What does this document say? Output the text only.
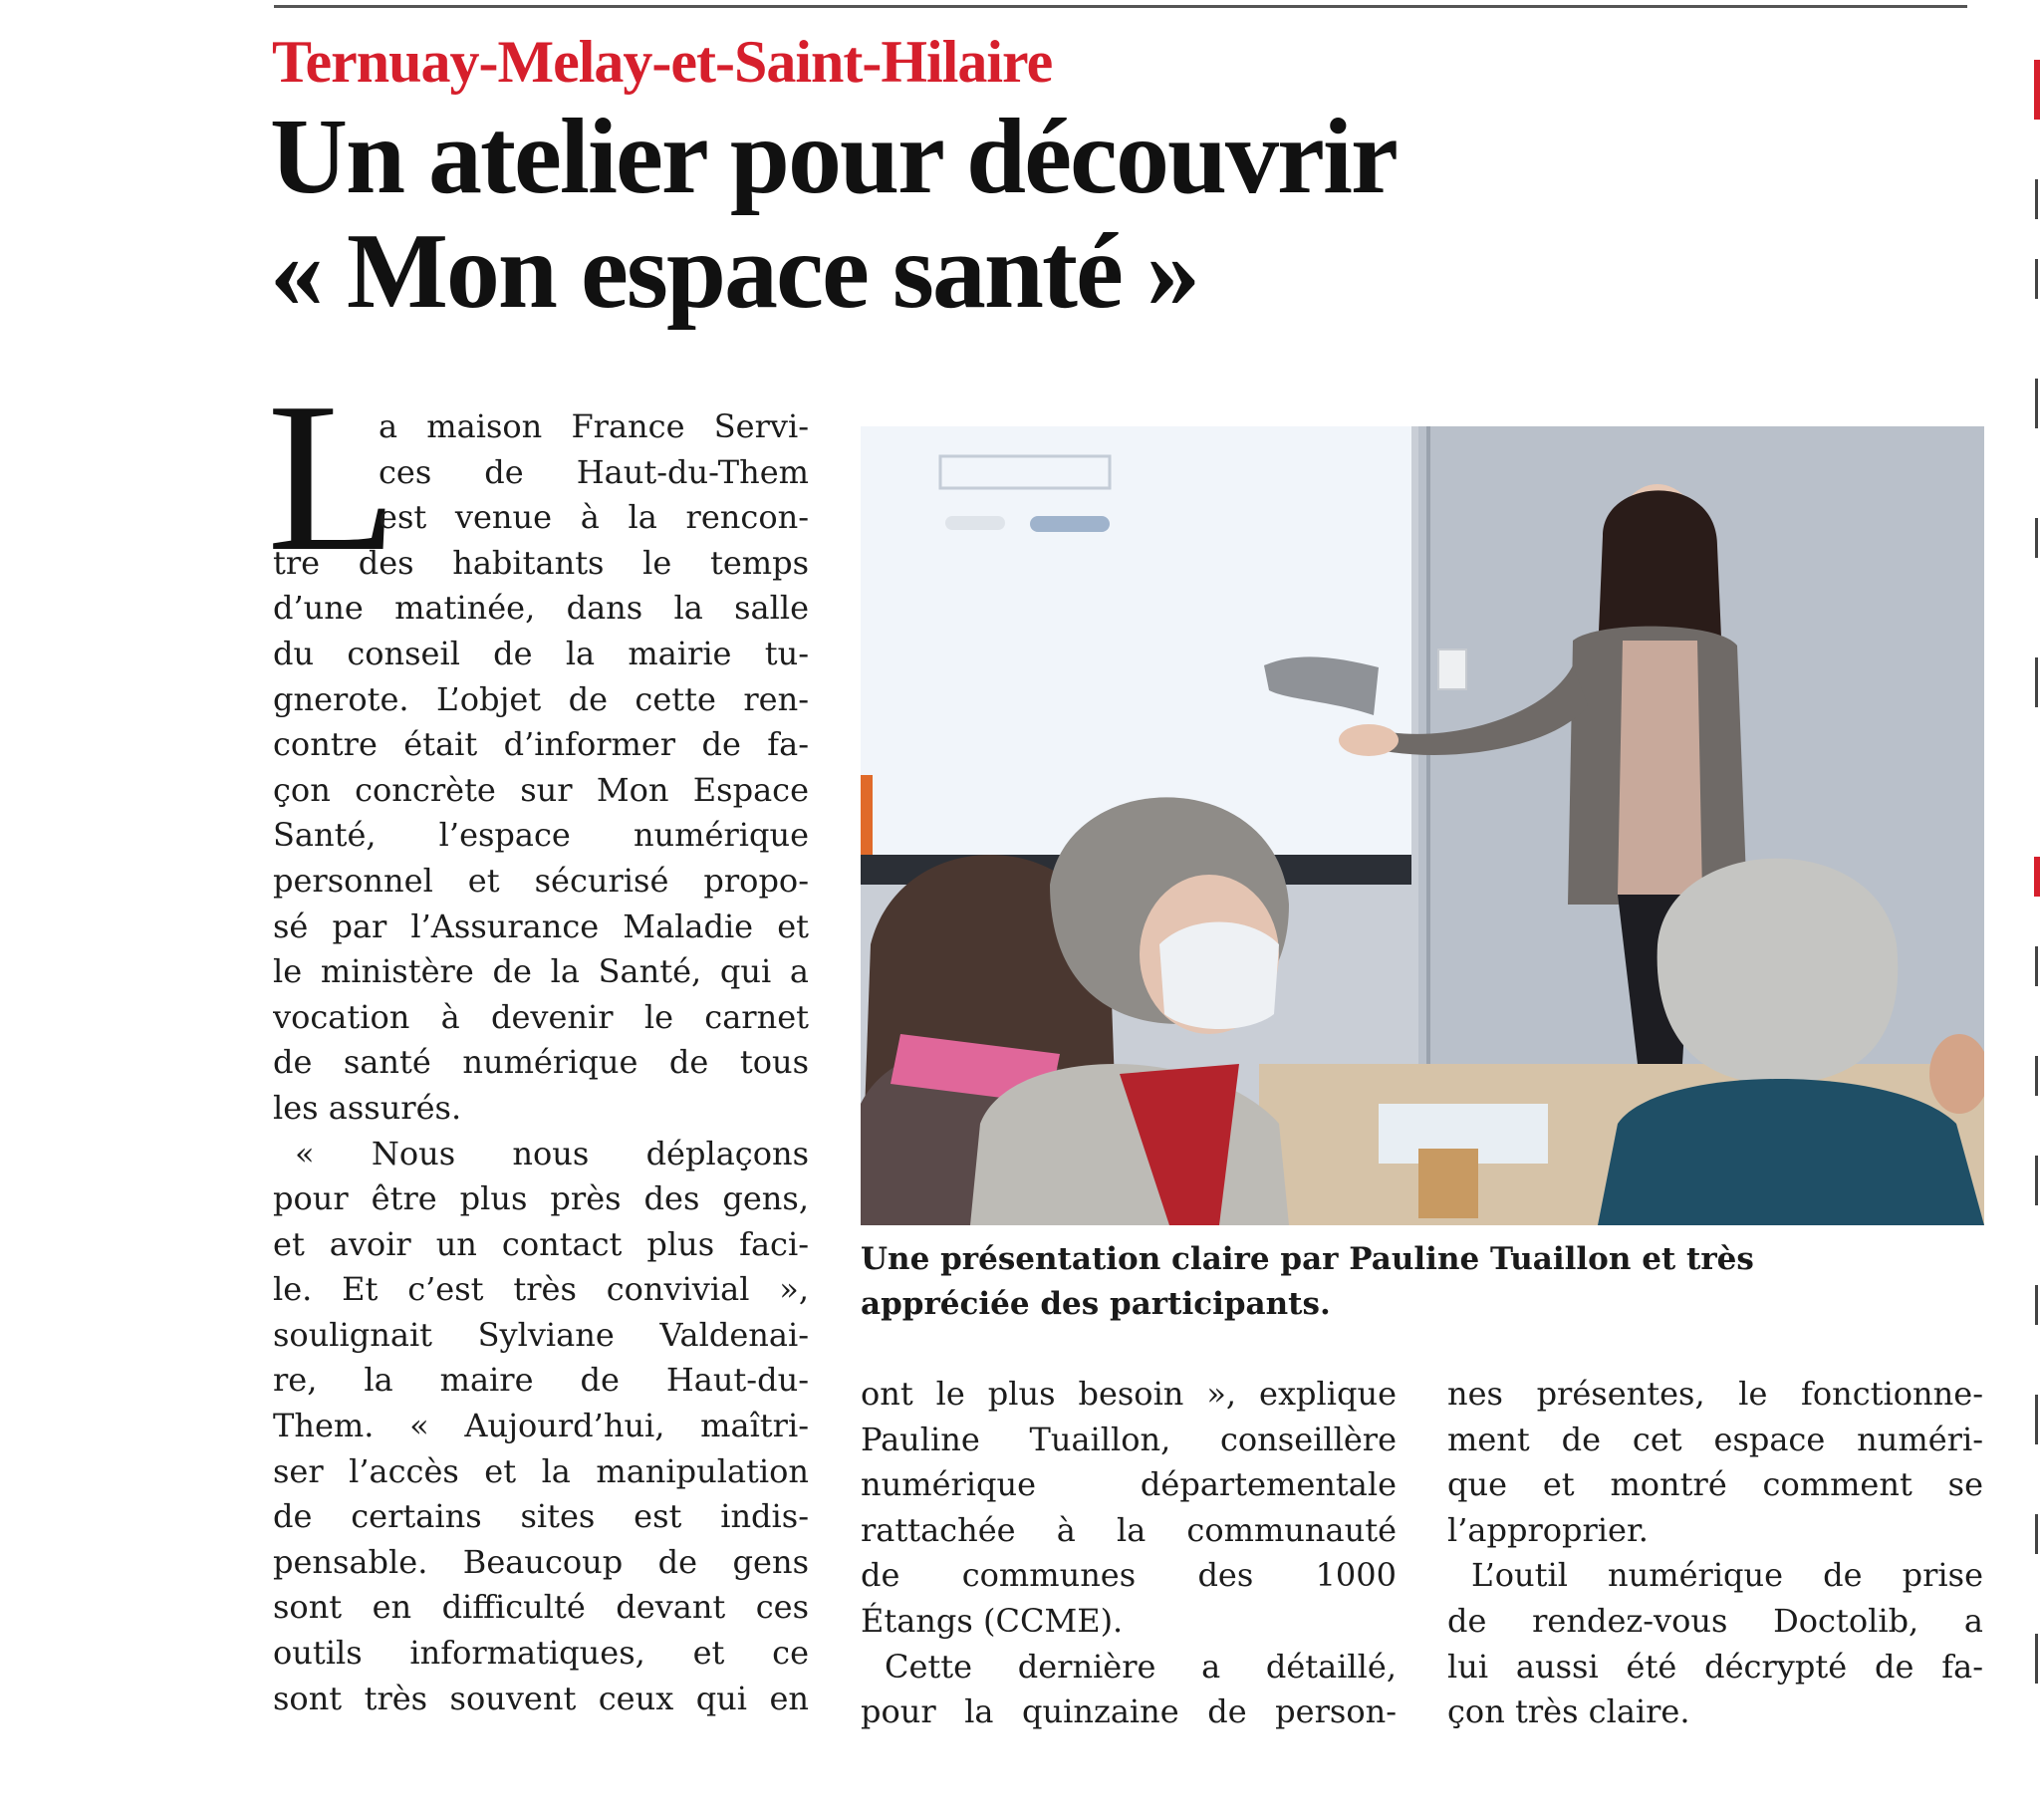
Ternuay-Melay-et-Saint-Hilaire
Un atelier pour découvrir
« Mon espace santé »
L
a maison France Servi-
ces de Haut-du-Them
est venue à la rencon-
tre des habitants le temps
d’une matinée, dans la salle
du conseil de la mairie tu-
gnerote. L’objet de cette ren-
contre était d’informer de fa-
çon concrète sur Mon Espace
Santé, l’espace numérique
personnel et sécurisé propo-
sé par l’Assurance Maladie et
le ministère de la Santé, qui a
vocation à devenir le carnet
de santé numérique de tous
les assurés.
« Nous nous déplaçons
pour être plus près des gens,
et avoir un contact plus faci-
le. Et c’est très convivial »,
soulignait Sylviane Valdenai-
re, la maire de Haut-du-
Them. « Aujourd’hui, maîtri-
ser l’accès et la manipulation
de certains sites est indis-
pensable. Beaucoup de gens
sont en difficulté devant ces
outils informatiques, et ce
sont très souvent ceux qui en
Une présentation claire par Pauline Tuaillon et très
appréciée des participants.
ont le plus besoin », explique
Pauline Tuaillon, conseillère
numérique départementale
rattachée à la communauté
de communes des 1000
Étangs (CCME).
Cette dernière a détaillé,
pour la quinzaine de person-
nes présentes, le fonctionne-
ment de cet espace numéri-
que et montré comment se
l’approprier.
L’outil numérique de prise
de rendez-vous Doctolib, a
lui aussi été décrypté de fa-
çon très claire.
